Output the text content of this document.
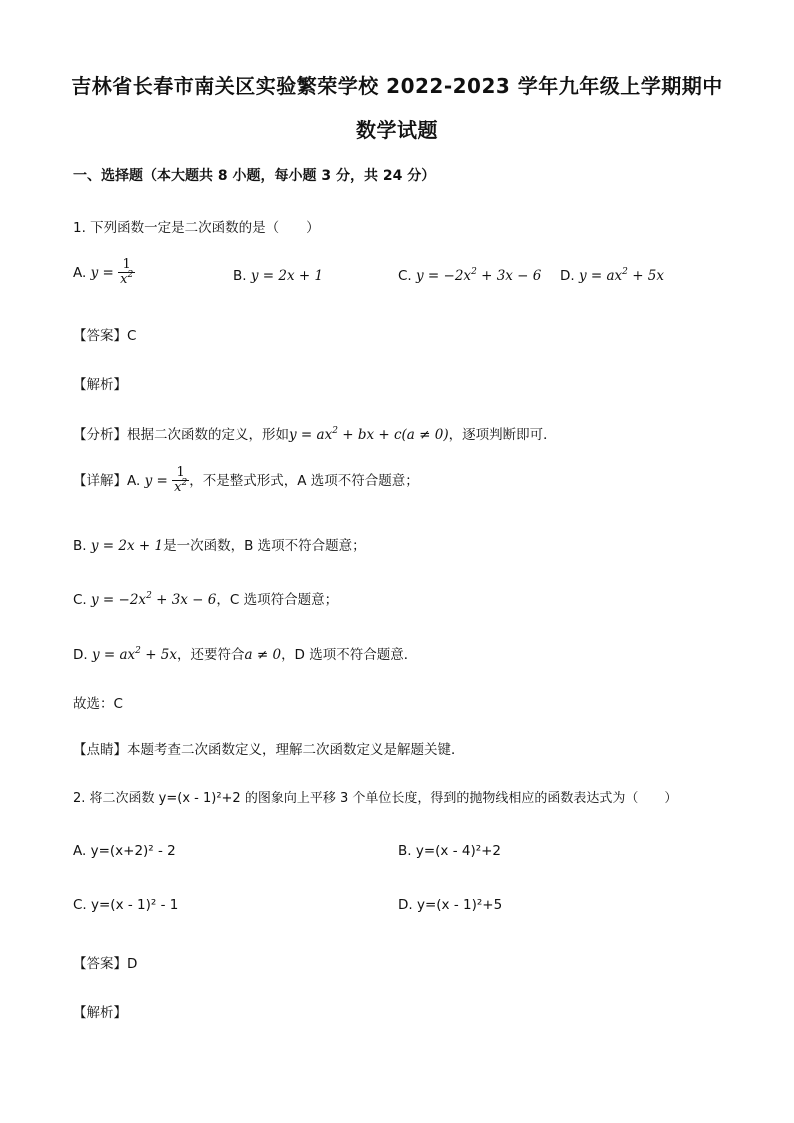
吉林省长春市南关区实验繁荣学校 2022-2023 学年九年级上学期期中
数学试题
一、选择题（本大题共 8 小题，每小题 3 分，共 24 分）
1. 下列函数一定是二次函数的是（　　）
A. $y = \frac{1}{x^2}$	B. y = 2x + 1	C. $y = -2x^2 + 3x - 6$ D. $y = ax^2 + 5x$
【答案】C
【解析】
【分析】根据二次函数的定义，形如$y = ax^2$ + bx + c(a ≠ 0)，逐项判断即可．
【详解】A. $y = \frac{1}{x^2}$ ，不是整式形式，A 选项不符合题意；
B. y = 2x + 1是一次函数，B 选项不符合题意；
C. $y = -2x^2 + 3x - 6$，C 选项符合题意；
D. $y = ax^2 + 5x$，还要符合a ≠ 0，D 选项不符合题意．
故选：C
【点睛】本题考查二次函数定义，理解二次函数定义是解题关键．
2. 将二次函数 y=(x - 1)²+2 的图象向上平移 3 个单位长度，得到的抛物线相应的函数表达式为（　　）
A. y=(x+2)² - 2	B. y=(x - 4)²+2
C. y=(x - 1)² - 1	D. y=(x - 1)²+5
【答案】D
【解析】
